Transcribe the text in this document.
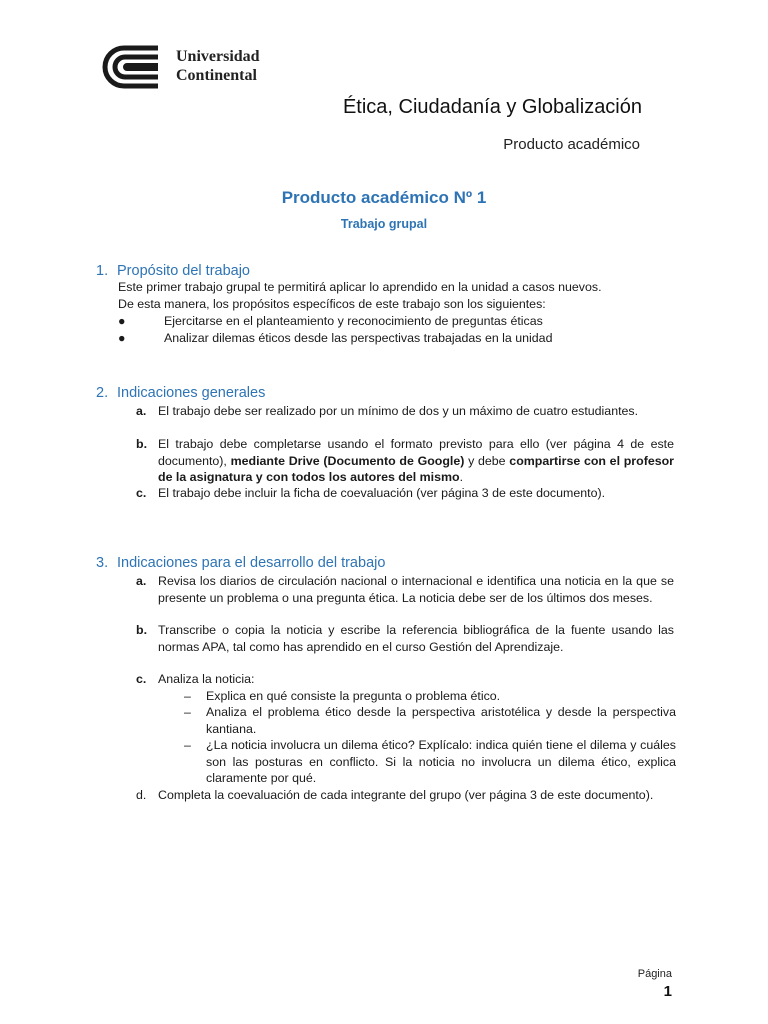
Universidad
Continental
Ética, Ciudadanía y Globalización
Producto académico
Producto académico Nº 1
Trabajo grupal
1. Propósito del trabajo
Este primer trabajo grupal te permitirá aplicar lo aprendido en la unidad a casos nuevos.
De esta manera, los propósitos específicos de este trabajo son los siguientes:
●	Ejercitarse en el planteamiento y reconocimiento de preguntas éticas
●	Analizar dilemas éticos desde las perspectivas trabajadas en la unidad
2. Indicaciones generales
a. El trabajo debe ser realizado por un mínimo de dos y un máximo de cuatro estudiantes.
b. El trabajo debe completarse usando el formato previsto para ello (ver página 4 de este documento), mediante Drive (Documento de Google) y debe compartirse con el profesor de la asignatura y con todos los autores del mismo.
c. El trabajo debe incluir la ficha de coevaluación (ver página 3 de este documento).
3. Indicaciones para el desarrollo del trabajo
a. Revisa los diarios de circulación nacional o internacional e identifica una noticia en la que se presente un problema o una pregunta ética. La noticia debe ser de los últimos dos meses.
b. Transcribe o copia la noticia y escribe la referencia bibliográfica de la fuente usando las normas APA, tal como has aprendido en el curso Gestión del Aprendizaje.
c. Analiza la noticia:
– Explica en qué consiste la pregunta o problema ético.
– Analiza el problema ético desde la perspectiva aristotélica y desde la perspectiva kantiana.
– ¿La noticia involucra un dilema ético? Explícalo: indica quién tiene el dilema y cuáles son las posturas en conflicto. Si la noticia no involucra un dilema ético, explica claramente por qué.
d. Completa la coevaluación de cada integrante del grupo (ver página 3 de este documento).
Página
1
